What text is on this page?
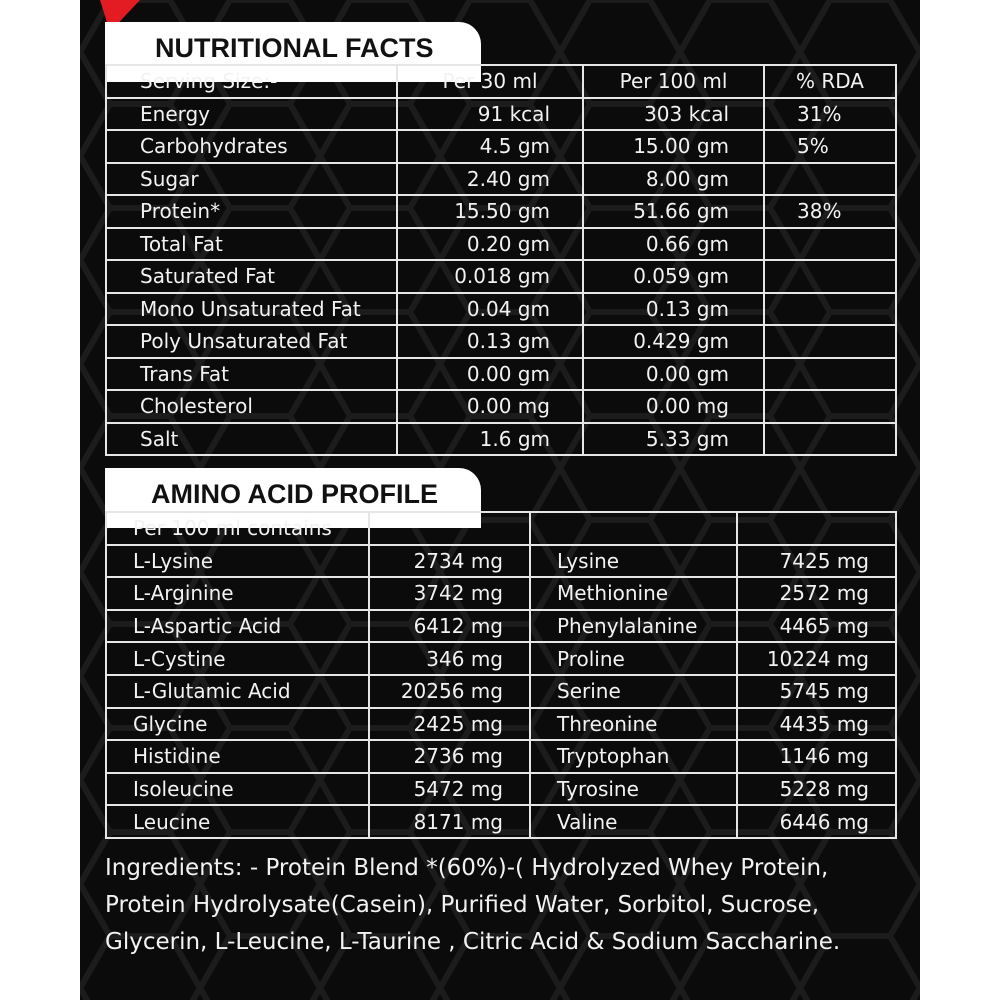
NUTRITIONAL FACTS
Serving Size:-	Per 30 ml	Per 100 ml	% RDA
Energy	91 kcal	303 kcal	31%
Carbohydrates	4.5 gm	15.00 gm	5%
Sugar	2.40 gm	8.00 gm	
Protein*	15.50 gm	51.66 gm	38%
Total Fat	0.20 gm	0.66 gm	
Saturated Fat	0.018 gm	0.059 gm	
Mono Unsaturated Fat	0.04 gm	0.13 gm	
Poly Unsaturated Fat	0.13 gm	0.429 gm	
Trans Fat	0.00 gm	0.00 gm	
Cholesterol	0.00 mg	0.00 mg	
Salt	1.6 gm	5.33 gm	
AMINO ACID PROFILE
Per 100 ml contains			
L-Lysine	2734 mg	Lysine	7425 mg
L-Arginine	3742 mg	Methionine	2572 mg
L-Aspartic Acid	6412 mg	Phenylalanine	4465 mg
L-Cystine	346 mg	Proline	10224 mg
L-Glutamic Acid	20256 mg	Serine	5745 mg
Glycine	2425 mg	Threonine	4435 mg
Histidine	2736 mg	Tryptophan	1146 mg
Isoleucine	5472 mg	Tyrosine	5228 mg
Leucine	8171 mg	Valine	6446 mg
Ingredients: - Protein Blend *(60%)-( Hydrolyzed Whey Protein, Protein Hydrolysate(Casein), Purified Water, Sorbitol, Sucrose, Glycerin, L-Leucine, L-Taurine , Citric Acid & Sodium Saccharine.
